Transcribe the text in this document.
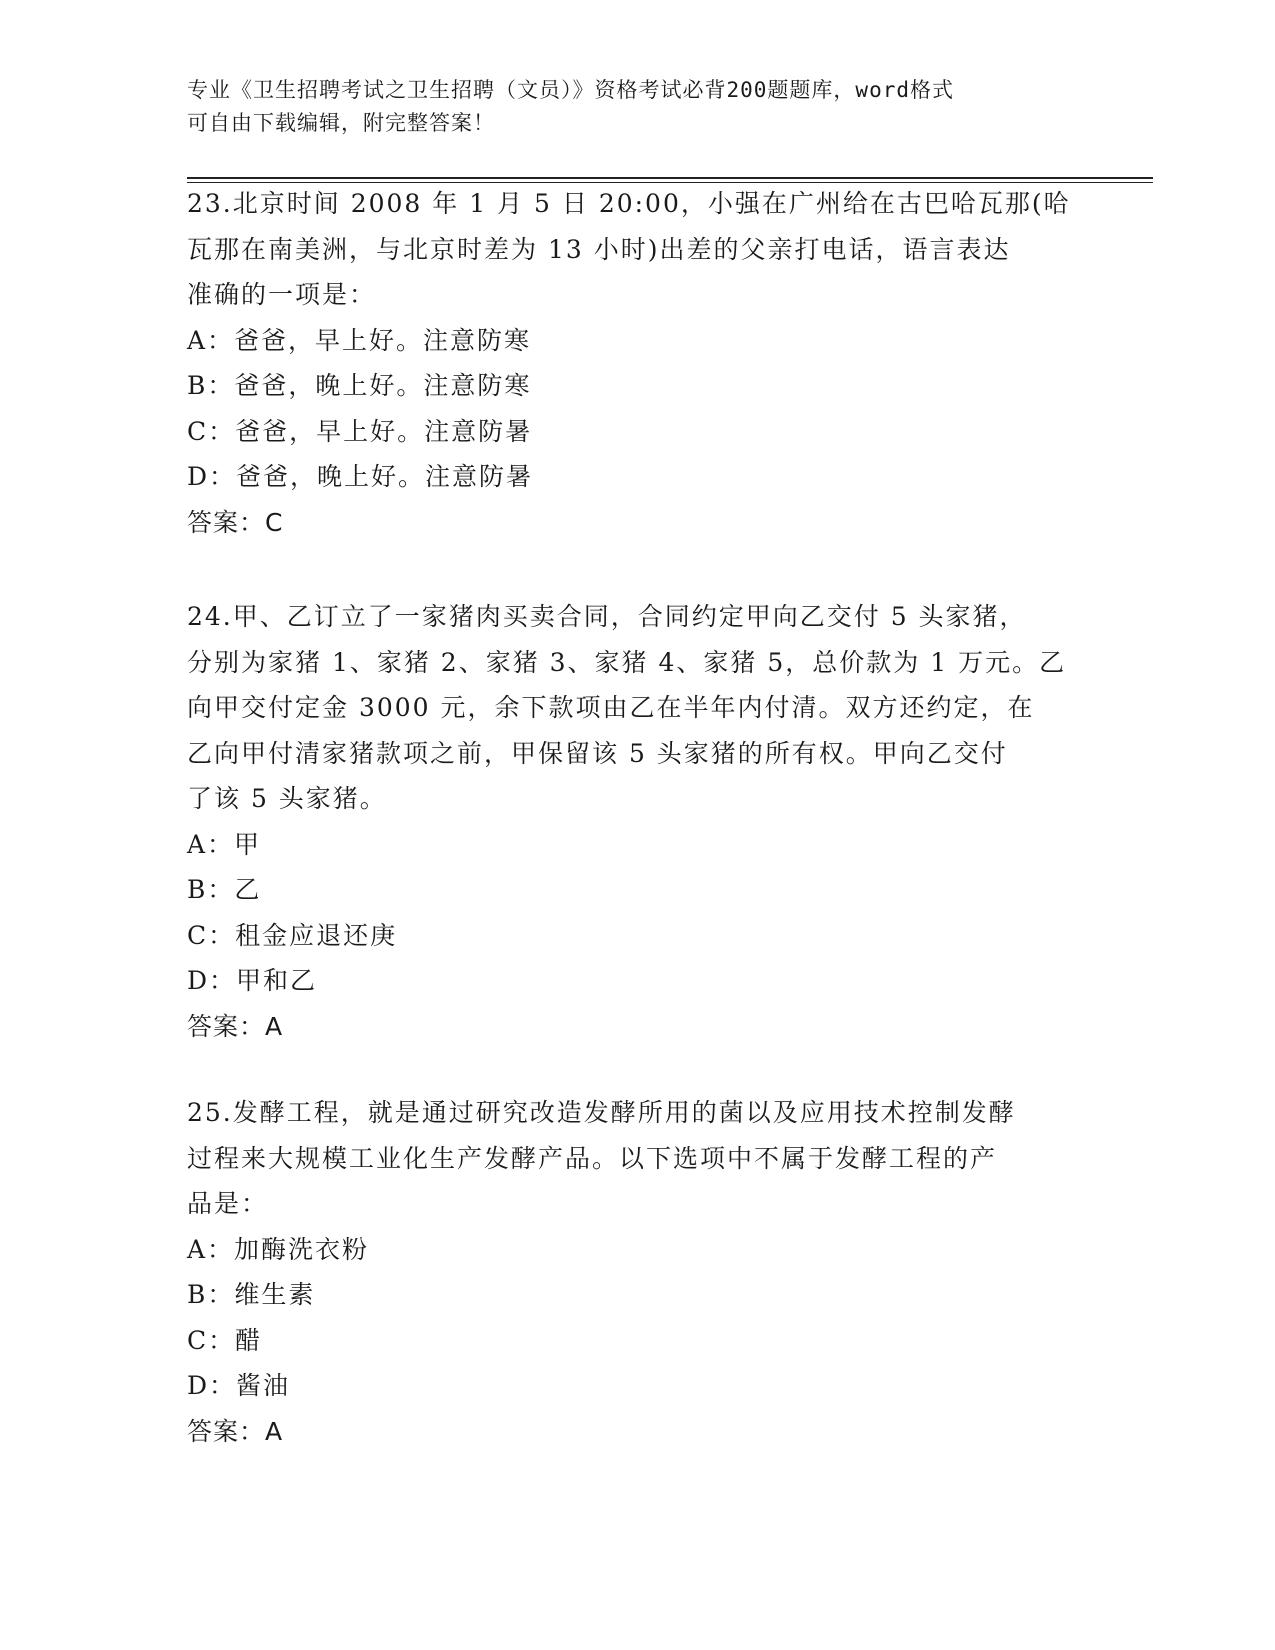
专业《卫生招聘考试之卫生招聘（文员）》资格考试必背200题题库，word格式
可自由下载编辑，附完整答案！
23.北京时间 2008 年 1 月 5 日 20:00，小强在广州给在古巴哈瓦那(哈
瓦那在南美洲，与北京时差为 13 小时)出差的父亲打电话，语言表达
准确的一项是：
A：爸爸，早上好。注意防寒
B：爸爸，晚上好。注意防寒
C：爸爸，早上好。注意防暑
D：爸爸，晚上好。注意防暑
答案：C
24.甲、乙订立了一家猪肉买卖合同，合同约定甲向乙交付 5 头家猪，
分别为家猪 1、家猪 2、家猪 3、家猪 4、家猪 5，总价款为 1 万元。乙
向甲交付定金 3000 元，余下款项由乙在半年内付清。双方还约定，在
乙向甲付清家猪款项之前，甲保留该 5 头家猪的所有权。甲向乙交付
了该 5 头家猪。
A：甲
B：乙
C：租金应退还庚
D：甲和乙
答案：A
25.发酵工程，就是通过研究改造发酵所用的菌以及应用技术控制发酵
过程来大规模工业化生产发酵产品。以下选项中不属于发酵工程的产
品是：
A：加酶洗衣粉
B：维生素
C：醋
D：酱油
答案：A
